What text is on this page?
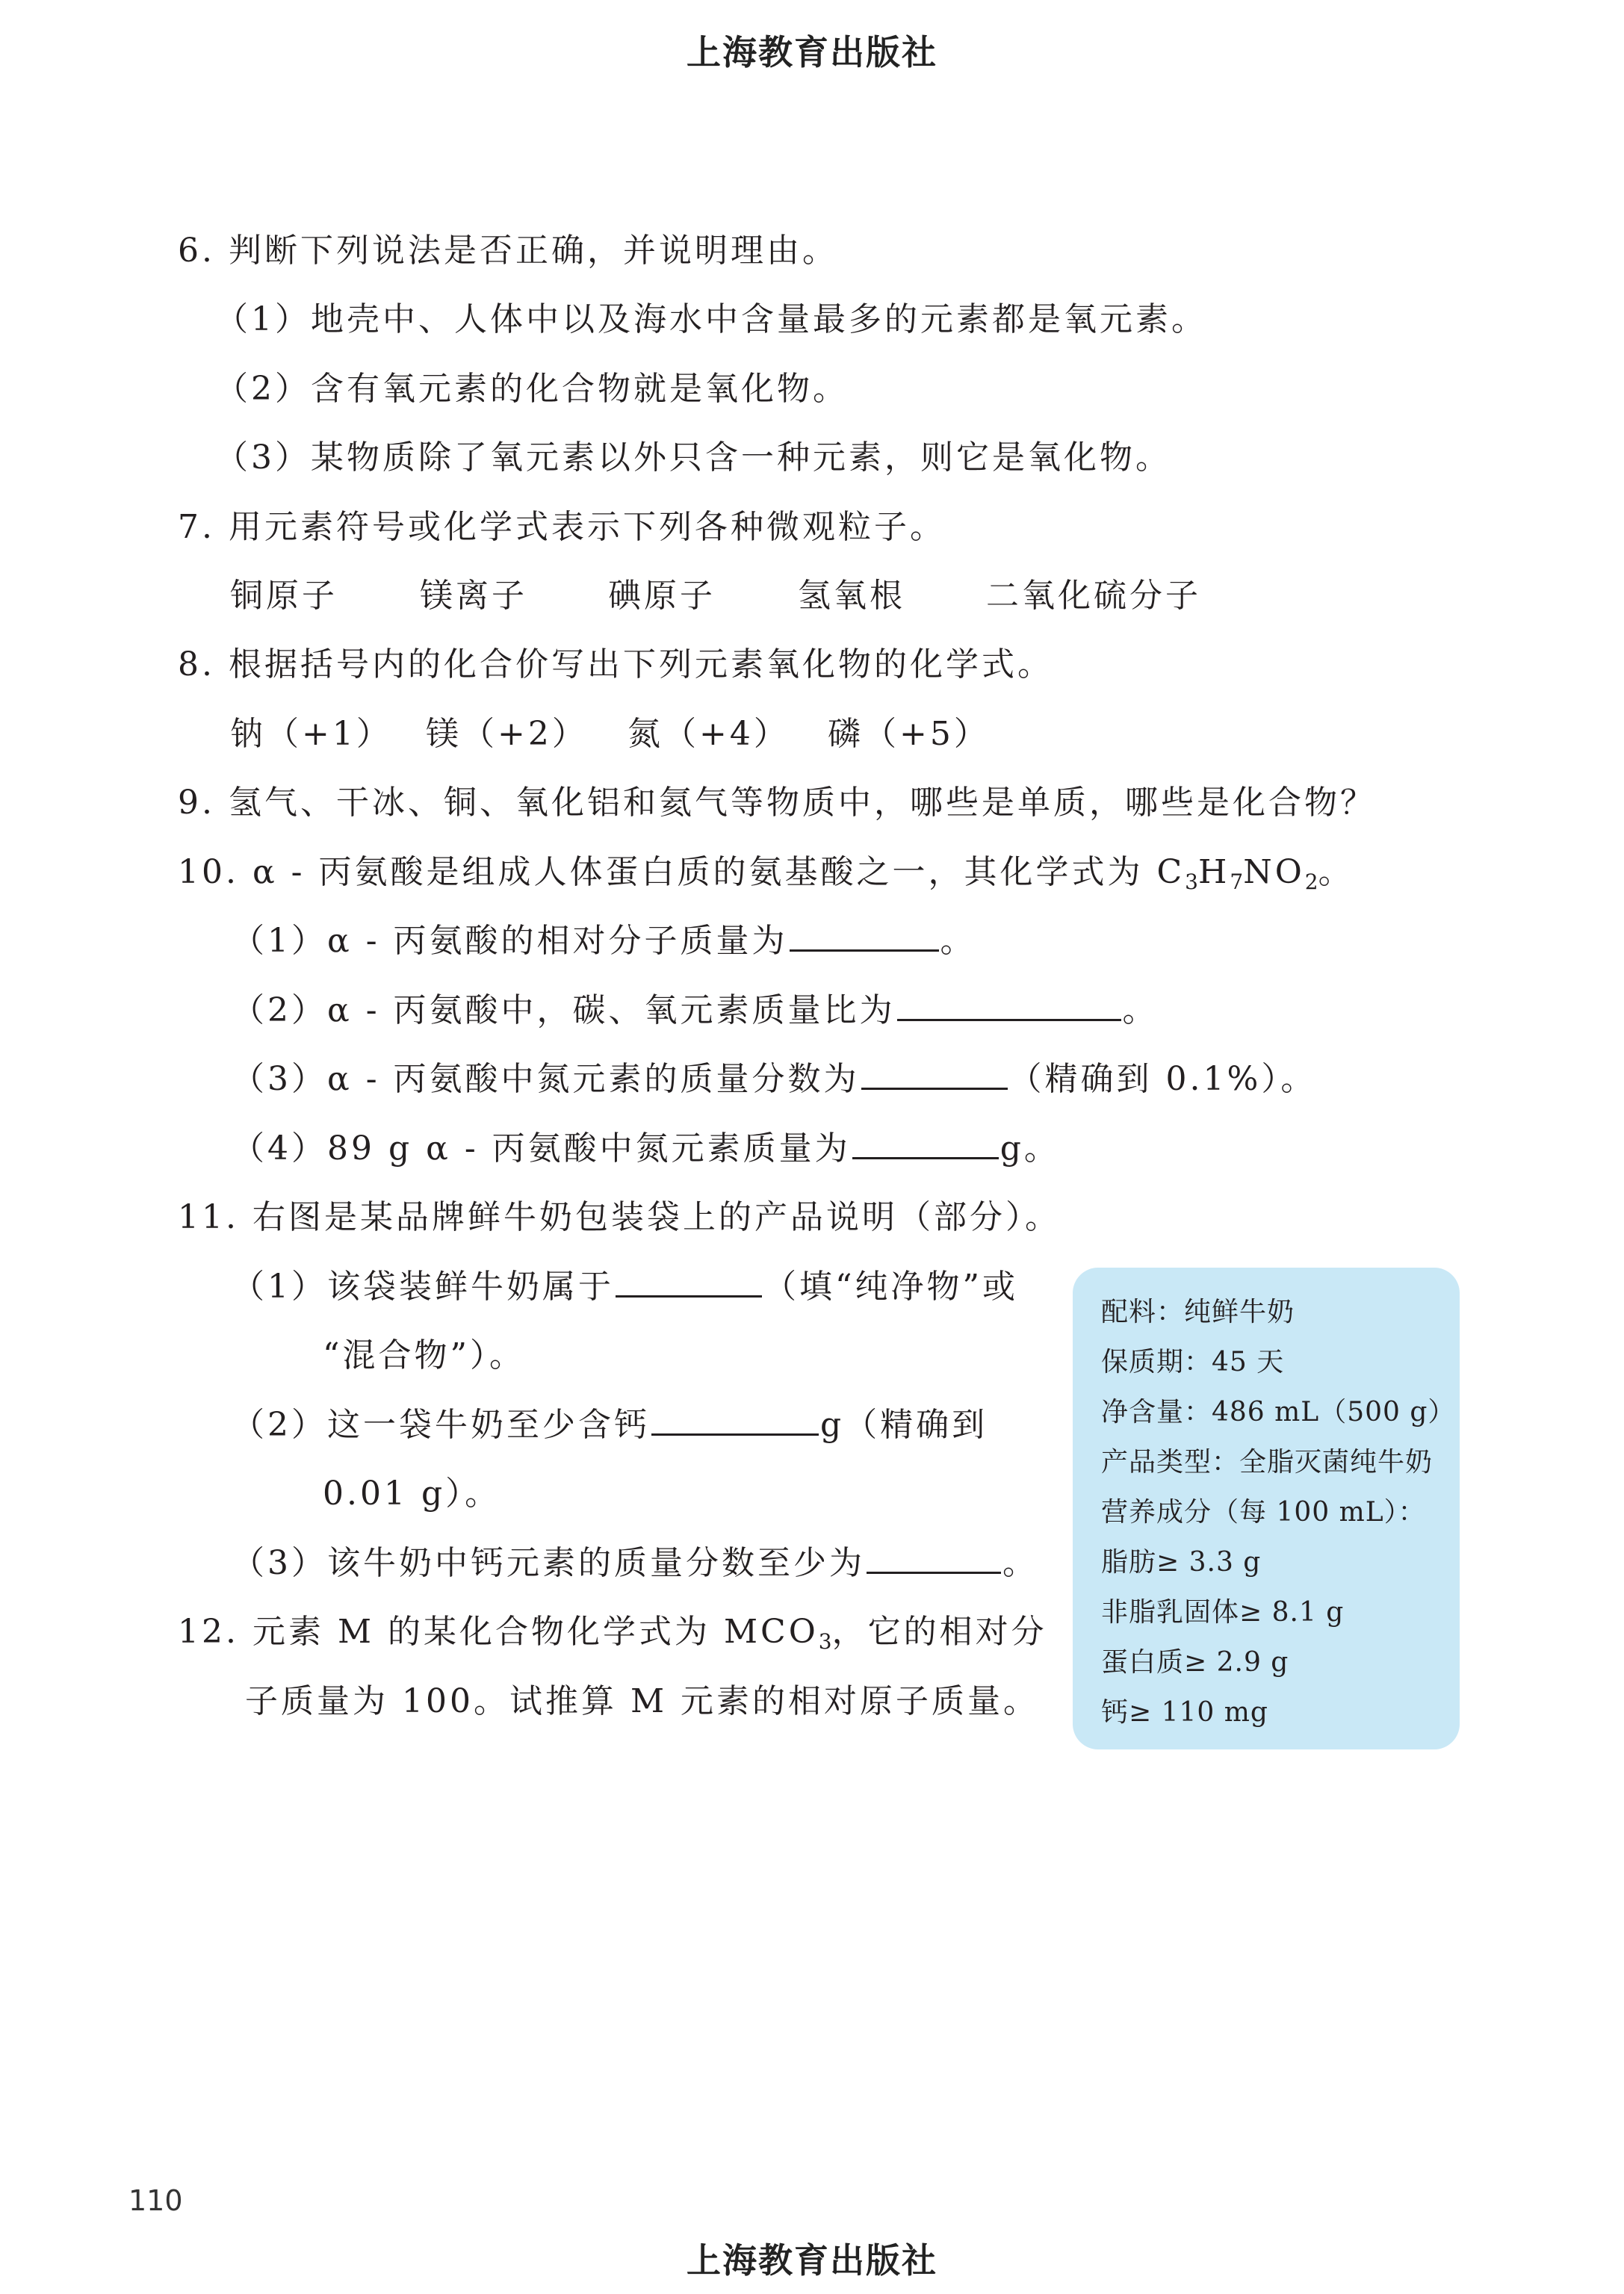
上海教育出版社
6. 判断下列说法是否正确，并说明理由。
（1）地壳中、人体中以及海水中含量最多的元素都是氧元素。
（2）含有氧元素的化合物就是氧化物。
（3）某物质除了氧元素以外只含一种元素，则它是氧化物。
7. 用元素符号或化学式表示下列各种微观粒子。
铜原子	镁离子 碘原子	氢氧根 二氧化硫分子
8. 根据括号内的化合价写出下列元素氧化物的化学式。
钠（+1） 镁（+2） 氮（+4） 磷（+5）
9. 氢气、干冰、铜、氧化铝和氦气等物质中，哪些是单质，哪些是化合物？
10. α - 丙氨酸是组成人体蛋白质的氨基酸之一，其化学式为 $C_3H_7NO_2$。
（1）α - 丙氨酸的相对分子质量为	。
（2）α - 丙氨酸中，碳、氧元素质量比为	。
（3）α - 丙氨酸中氮元素的质量分数为	（精确到 0.1%）。
（4）89 g α - 丙氨酸中氮元素质量为	g。
11. 右图是某品牌鲜牛奶包装袋上的产品说明（部分）。
（1）该袋装鲜牛奶属于	（填“纯净物”或
“混合物”）。
（2）这一袋牛奶至少含钙	g（精确到
0.01 g）。
（3）该牛奶中钙元素的质量分数至少为	。
12. 元素 M 的某化合物化学式为 $MCO_3$，它的相对分
子质量为 100。试推算 M 元素的相对原子质量。
配料：纯鲜牛奶
保质期：45 天
净含量：486 mL（500 g）
产品类型：全脂灭菌纯牛奶
营养成分（每 100 mL）：
脂肪≥ 3.3 g
非脂乳固体≥ 8.1 g
蛋白质≥ 2.9 g
钙≥ 110 mg
110
上海教育出版社
